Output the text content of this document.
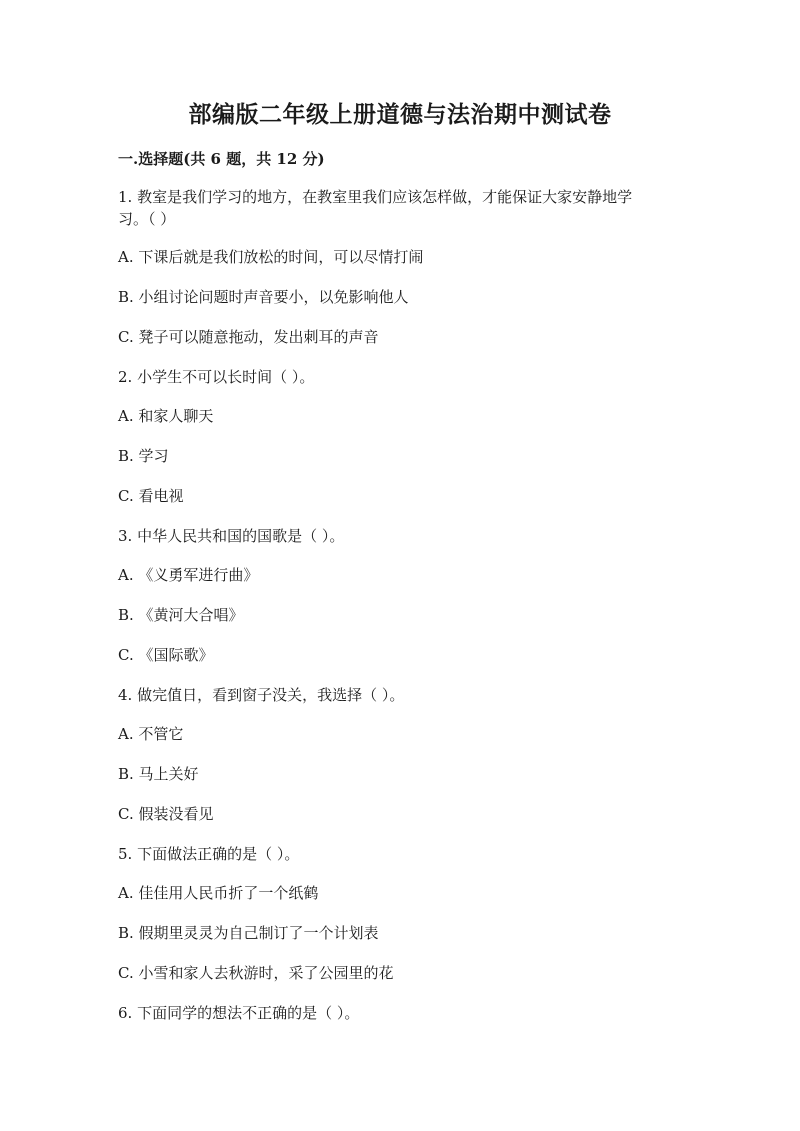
部编版二年级上册道德与法治期中测试卷
一.选择题(共 6 题，共 12 分)
1. 教室是我们学习的地方，在教室里我们应该怎样做，才能保证大家安静地学
习。（ ）
A. 下课后就是我们放松的时间，可以尽情打闹
B. 小组讨论问题时声音要小，以免影响他人
C. 凳子可以随意拖动，发出刺耳的声音
2. 小学生不可以长时间（ ）。
A. 和家人聊天
B. 学习
C. 看电视
3. 中华人民共和国的国歌是（ ）。
A. 《义勇军进行曲》
B. 《黄河大合唱》
C. 《国际歌》
4. 做完值日，看到窗子没关，我选择（ ）。
A. 不管它
B. 马上关好
C. 假装没看见
5. 下面做法正确的是（ ）。
A. 佳佳用人民币折了一个纸鹤
B. 假期里灵灵为自己制订了一个计划表
C. 小雪和家人去秋游时，采了公园里的花
6. 下面同学的想法不正确的是（ ）。
